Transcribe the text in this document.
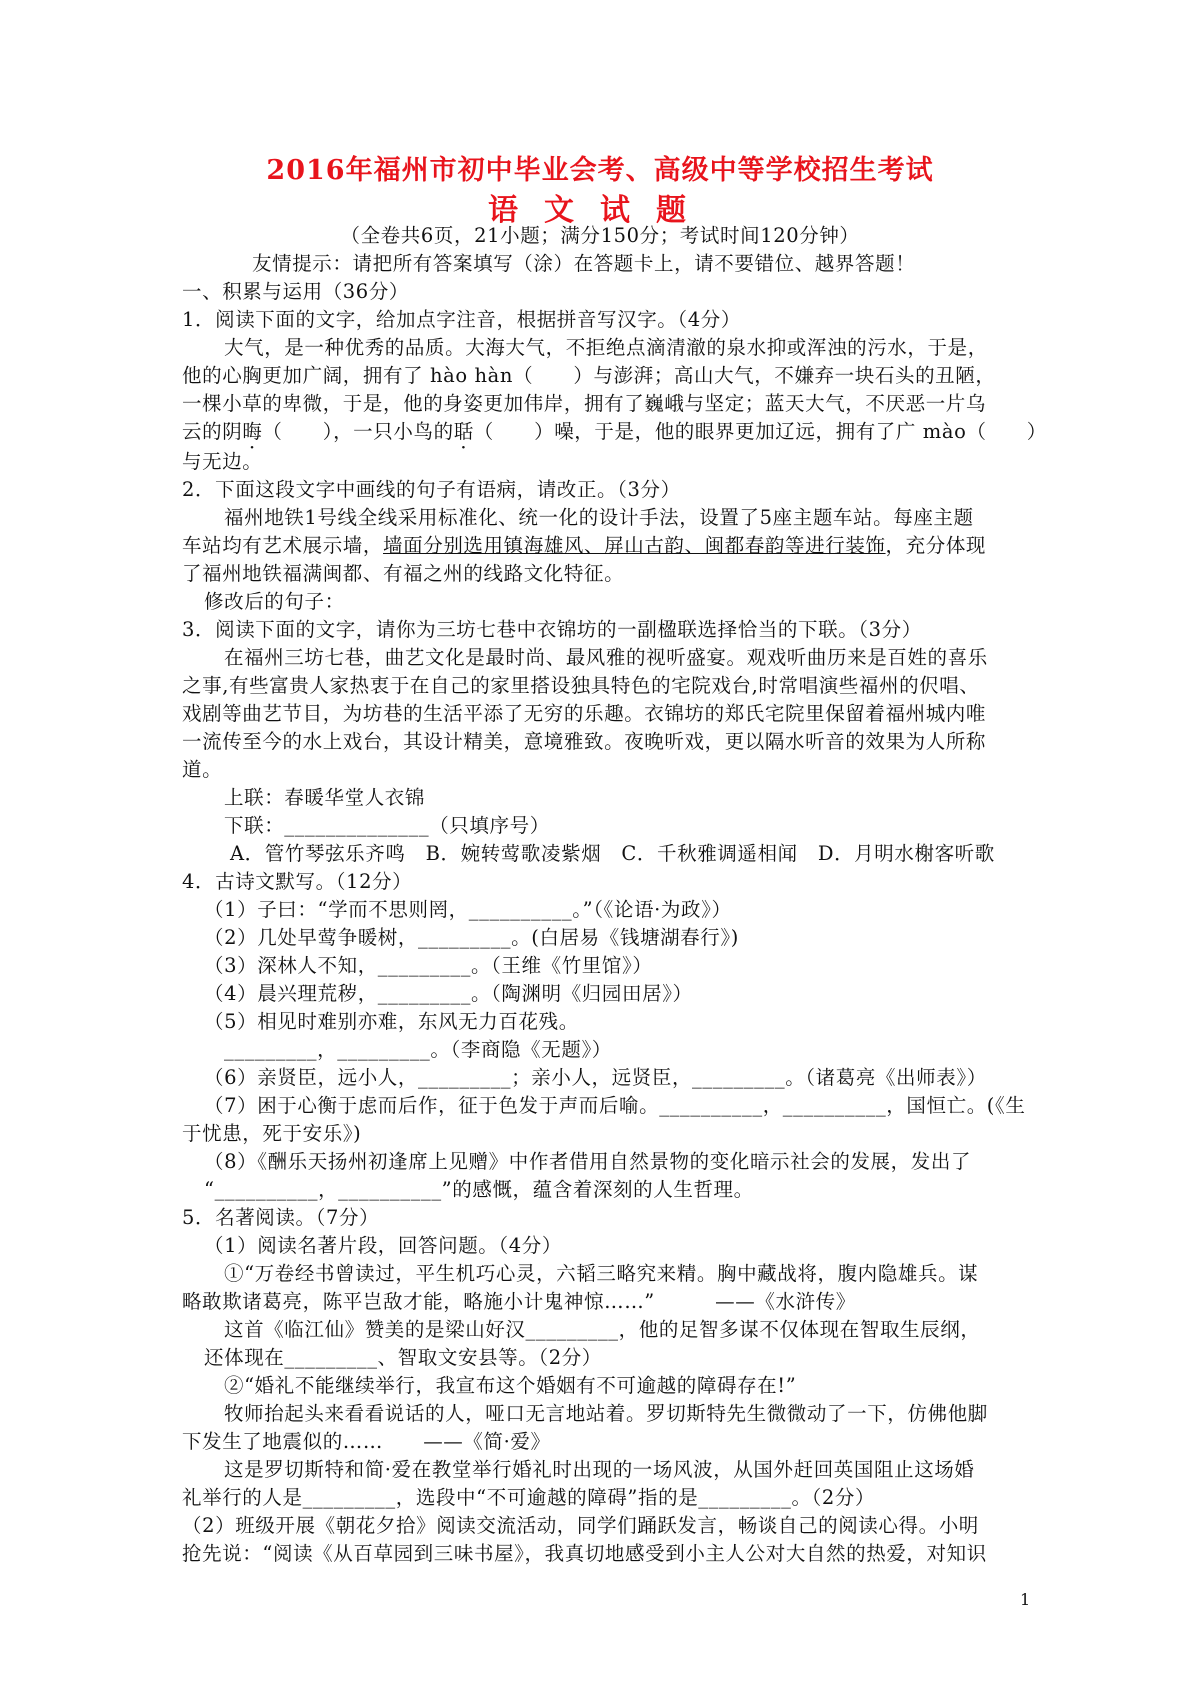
2016年福州市初中毕业会考、高级中等学校招生考试
语文试题
（全卷共6页，21小题；满分150分；考试时间120分钟）
友情提示：请把所有答案填写（涂）在答题卡上，请不要错位、越界答题！
一、积累与运用（36分）
1．阅读下面的文字，给加点字注音，根据拼音写汉字。（4分）
大气，是一种优秀的品质。大海大气，不拒绝点滴清澈的泉水抑或浑浊的污水，于是，
他的心胸更加广阔，拥有了 hào hàn（　　）与澎湃；高山大气，不嫌弃一块石头的丑陋，
一棵小草的卑微，于是，他的身姿更加伟岸，拥有了巍峨与坚定；蓝天大气，不厌恶一片乌
云的阴晦（　　），一只小鸟的聒（　　）噪，于是，他的眼界更加辽远，拥有了广 mào（　　）
与无边。
2．下面这段文字中画线的句子有语病，请改正。（3分）
福州地铁1号线全线采用标准化、统一化的设计手法，设置了5座主题车站。每座主题
车站均有艺术展示墙，墙面分别选用镇海雄风、屏山古韵、闽都春韵等进行装饰，充分体现
了福州地铁福满闽都、有福之州的线路文化特征。
修改后的句子：
3．阅读下面的文字，请你为三坊七巷中衣锦坊的一副楹联选择恰当的下联。（3分）
在福州三坊七巷，曲艺文化是最时尚、最风雅的视听盛宴。观戏听曲历来是百姓的喜乐
之事,有些富贵人家热衷于在自己的家里搭设独具特色的宅院戏台,时常唱演些福州的伬唱、
戏剧等曲艺节目，为坊巷的生活平添了无穷的乐趣。衣锦坊的郑氏宅院里保留着福州城内唯
一流传至今的水上戏台，其设计精美，意境雅致。夜晚听戏，更以隔水听音的效果为人所称
道。
上联：春暖华堂人衣锦
下联：______________（只填序号）
A．管竹琴弦乐齐鸣　B．婉转莺歌凌紫烟　C．千秋雅调遥相闻　D．月明水榭客听歌
4．古诗文默写。（12分）
（1）子曰：“学而不思则罔，__________。”（《论语·为政》）
（2）几处早莺争暖树，_________。(白居易《钱塘湖春行》)
（3）深林人不知，_________。（王维《竹里馆》）
（4）晨兴理荒秽，_________。（陶渊明《归园田居》）
（5）相见时难别亦难，东风无力百花残。
_________，_________。（李商隐《无题》）
（6）亲贤臣，远小人，_________；亲小人，远贤臣，_________。（诸葛亮《出师表》）
（7）困于心衡于虑而后作，征于色发于声而后喻。__________，__________，国恒亡。(《生
于忧患，死于安乐》)
（8）《酬乐天扬州初逢席上见赠》中作者借用自然景物的变化暗示社会的发展，发出了
“__________，__________”的感慨，蕴含着深刻的人生哲理。
5．名著阅读。（7分）
（1）阅读名著片段，回答问题。（4分）
①“万卷经书曾读过，平生机巧心灵，六韬三略究来精。胸中藏战将，腹内隐雄兵。谋
略敢欺诸葛亮，陈平岂敌才能，略施小计鬼神惊……”　　　——《水浒传》
这首《临江仙》赞美的是梁山好汉_________，他的足智多谋不仅体现在智取生辰纲，
还体现在_________、智取文安县等。（2分）
②“婚礼不能继续举行，我宣布这个婚姻有不可逾越的障碍存在!”
牧师抬起头来看看说话的人，哑口无言地站着。罗切斯特先生微微动了一下，仿佛他脚
下发生了地震似的……　　——《简·爱》
这是罗切斯特和简·爱在教堂举行婚礼时出现的一场风波，从国外赶回英国阻止这场婚
礼举行的人是_________，选段中“不可逾越的障碍”指的是_________。（2分）
（2）班级开展《朝花夕拾》阅读交流活动，同学们踊跃发言，畅谈自己的阅读心得。小明
抢先说：“阅读《从百草园到三味书屋》，我真切地感受到小主人公对大自然的热爱，对知识
1
